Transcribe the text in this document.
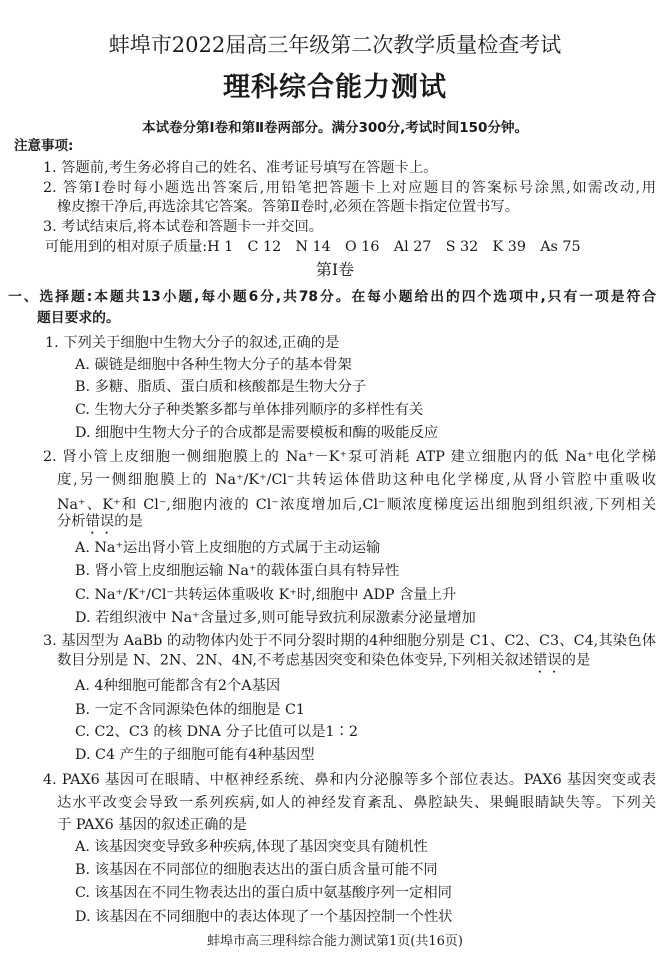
蚌埠市2022届高三年级第二次教学质量检查考试
理科综合能力测试
本试卷分第Ⅰ卷和第Ⅱ卷两部分。满分300分,考试时间150分钟。
注意事项:
1. 答题前,考生务必将自己的姓名、准考证号填写在答题卡上。
2. 答第Ⅰ卷时每小题选出答案后,用铅笔把答题卡上对应题目的答案标号涂黑,如需改动,用
橡皮擦干净后,再选涂其它答案。答第Ⅱ卷时,必须在答题卡指定位置书写。
3. 考试结束后,将本试卷和答题卡一并交回。
可能用到的相对原子质量:H 1　C 12　N 14　O 16　Al 27　S 32　K 39　As 75
第Ⅰ卷
一、选择题:本题共13小题,每小题6分,共78分。在每小题给出的四个选项中,只有一项是符合
题目要求的。
1. 下列关于细胞中生物大分子的叙述,正确的是
A. 碳链是细胞中各种生物大分子的基本骨架
B. 多糖、脂质、蛋白质和核酸都是生物大分子
C. 生物大分子种类繁多都与单体排列顺序的多样性有关
D. 细胞中生物大分子的合成都是需要模板和酶的吸能反应
2. 肾小管上皮细胞一侧细胞膜上的 Na⁺－K⁺泵可消耗 ATP 建立细胞内的低 Na⁺电化学梯
度,另一侧细胞膜上的 Na⁺/K⁺/Cl⁻共转运体借助这种电化学梯度,从肾小管腔中重吸收
Na⁺、K⁺和 Cl⁻,细胞内液的 Cl⁻浓度增加后,Cl⁻顺浓度梯度运出细胞到组织液,下列相关
分析错误的是
A. Na⁺运出肾小管上皮细胞的方式属于主动运输
B. 肾小管上皮细胞运输 Na⁺的载体蛋白具有特异性
C. Na⁺/K⁺/Cl⁻共转运体重吸收 K⁺时,细胞中 ADP 含量上升
D. 若组织液中 Na⁺含量过多,则可能导致抗利尿激素分泌量增加
3. 基因型为 AaBb 的动物体内处于不同分裂时期的4种细胞分别是 C1、C2、C3、C4,其染色体
数目分别是 N、2N、2N、4N,不考虑基因突变和染色体变异,下列相关叙述错误的是
A. 4种细胞可能都含有2个A基因
B. 一定不含同源染色体的细胞是 C1
C. C2、C3 的核 DNA 分子比值可以是1∶2
D. C4 产生的子细胞可能有4种基因型
4. PAX6 基因可在眼睛、中枢神经系统、鼻和内分泌腺等多个部位表达。PAX6 基因突变或表
达水平改变会导致一系列疾病,如人的神经发育紊乱、鼻腔缺失、果蝇眼睛缺失等。下列关
于 PAX6 基因的叙述正确的是
A. 该基因突变导致多种疾病,体现了基因突变具有随机性
B. 该基因在不同部位的细胞表达出的蛋白质含量可能不同
C. 该基因在不同生物表达出的蛋白质中氨基酸序列一定相同
D. 该基因在不同细胞中的表达体现了一个基因控制一个性状
蚌埠市高三理科综合能力测试第1页(共16页)
